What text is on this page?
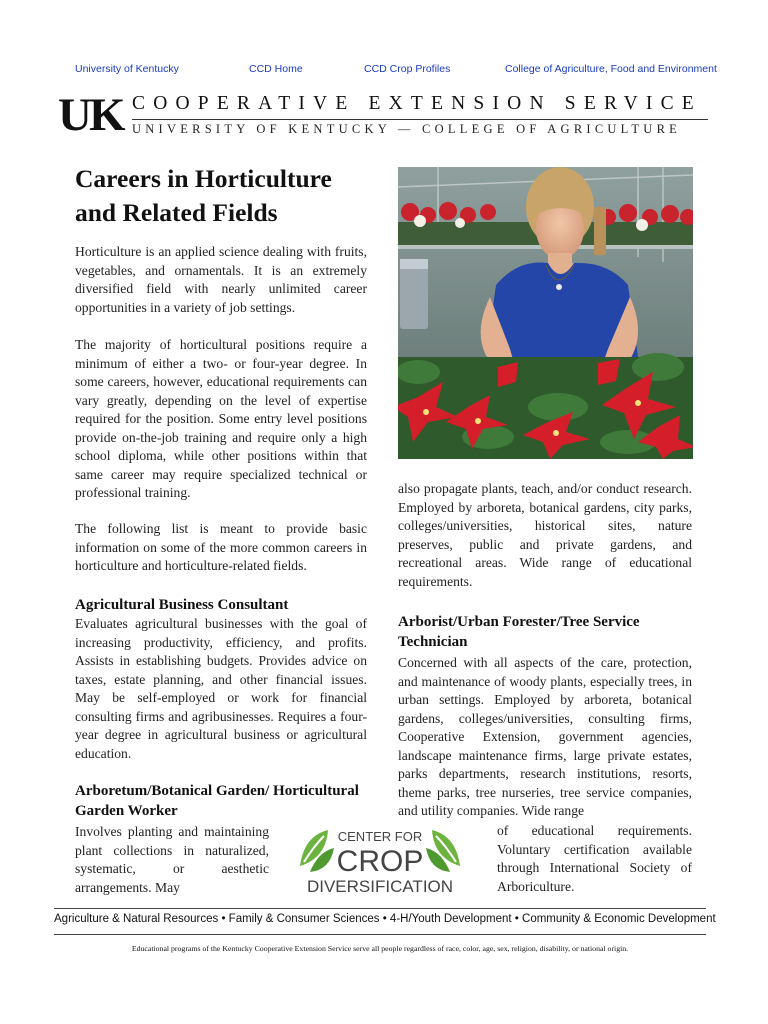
University of Kentucky	CCD Home	CCD Crop Profiles	College of Agriculture, Food and Environment
UK COOPERATIVE EXTENSION SERVICE
UNIVERSITY OF KENTUCKY — COLLEGE OF AGRICULTURE
Careers in Horticulture and Related Fields
Horticulture is an applied science dealing with fruits, vegetables, and ornamentals. It is an extremely diversified field with nearly unlimited career opportunities in a variety of job settings.
The majority of horticultural positions require a minimum of either a two- or four-year degree. In some careers, however, educational requirements can vary greatly, depending on the level of expertise required for the position. Some entry level positions provide on-the-job training and require only a high school diploma, while other positions within that same career may require specialized technical or professional training.
The following list is meant to provide basic information on some of the more common careers in horticulture and horticulture-related fields.
Agricultural Business Consultant
Evaluates agricultural businesses with the goal of increasing productivity, efficiency, and profits. Assists in establishing budgets. Provides advice on taxes, estate planning, and other financial issues. May be self-employed or work for financial consulting firms and agribusinesses. Requires a four-year degree in agricultural business or agricultural education.
Arboretum/Botanical Garden/ Horticultural Garden Worker
Involves planting and maintaining plant collections in naturalized, systematic, or aesthetic arrangements. May
also propagate plants, teach, and/or conduct research. Employed by arboreta, botanical gardens, city parks, colleges/universities, historical sites, nature preserves, public and private gardens, and recreational areas. Wide range of educational requirements.
Arborist/Urban Forester/Tree Service Technician
Concerned with all aspects of the care, protection, and maintenance of woody plants, especially trees, in urban settings. Employed by arboreta, botanical gardens, colleges/universities, consulting firms, Cooperative Extension, government agencies, landscape maintenance firms, large private estates, parks departments, research institutions, resorts, theme parks, tree nurseries, tree service companies, and utility companies. Wide range
of educational requirements. Voluntary certification available through International Society of Arboriculture.
CENTER FOR
CROP
DIVERSIFICATION
Agriculture & Natural Resources • Family & Consumer Sciences • 4-H/Youth Development • Community & Economic Development
Educational programs of the Kentucky Cooperative Extension Service serve all people regardless of race, color, age, sex, religion, disability, or national origin.
